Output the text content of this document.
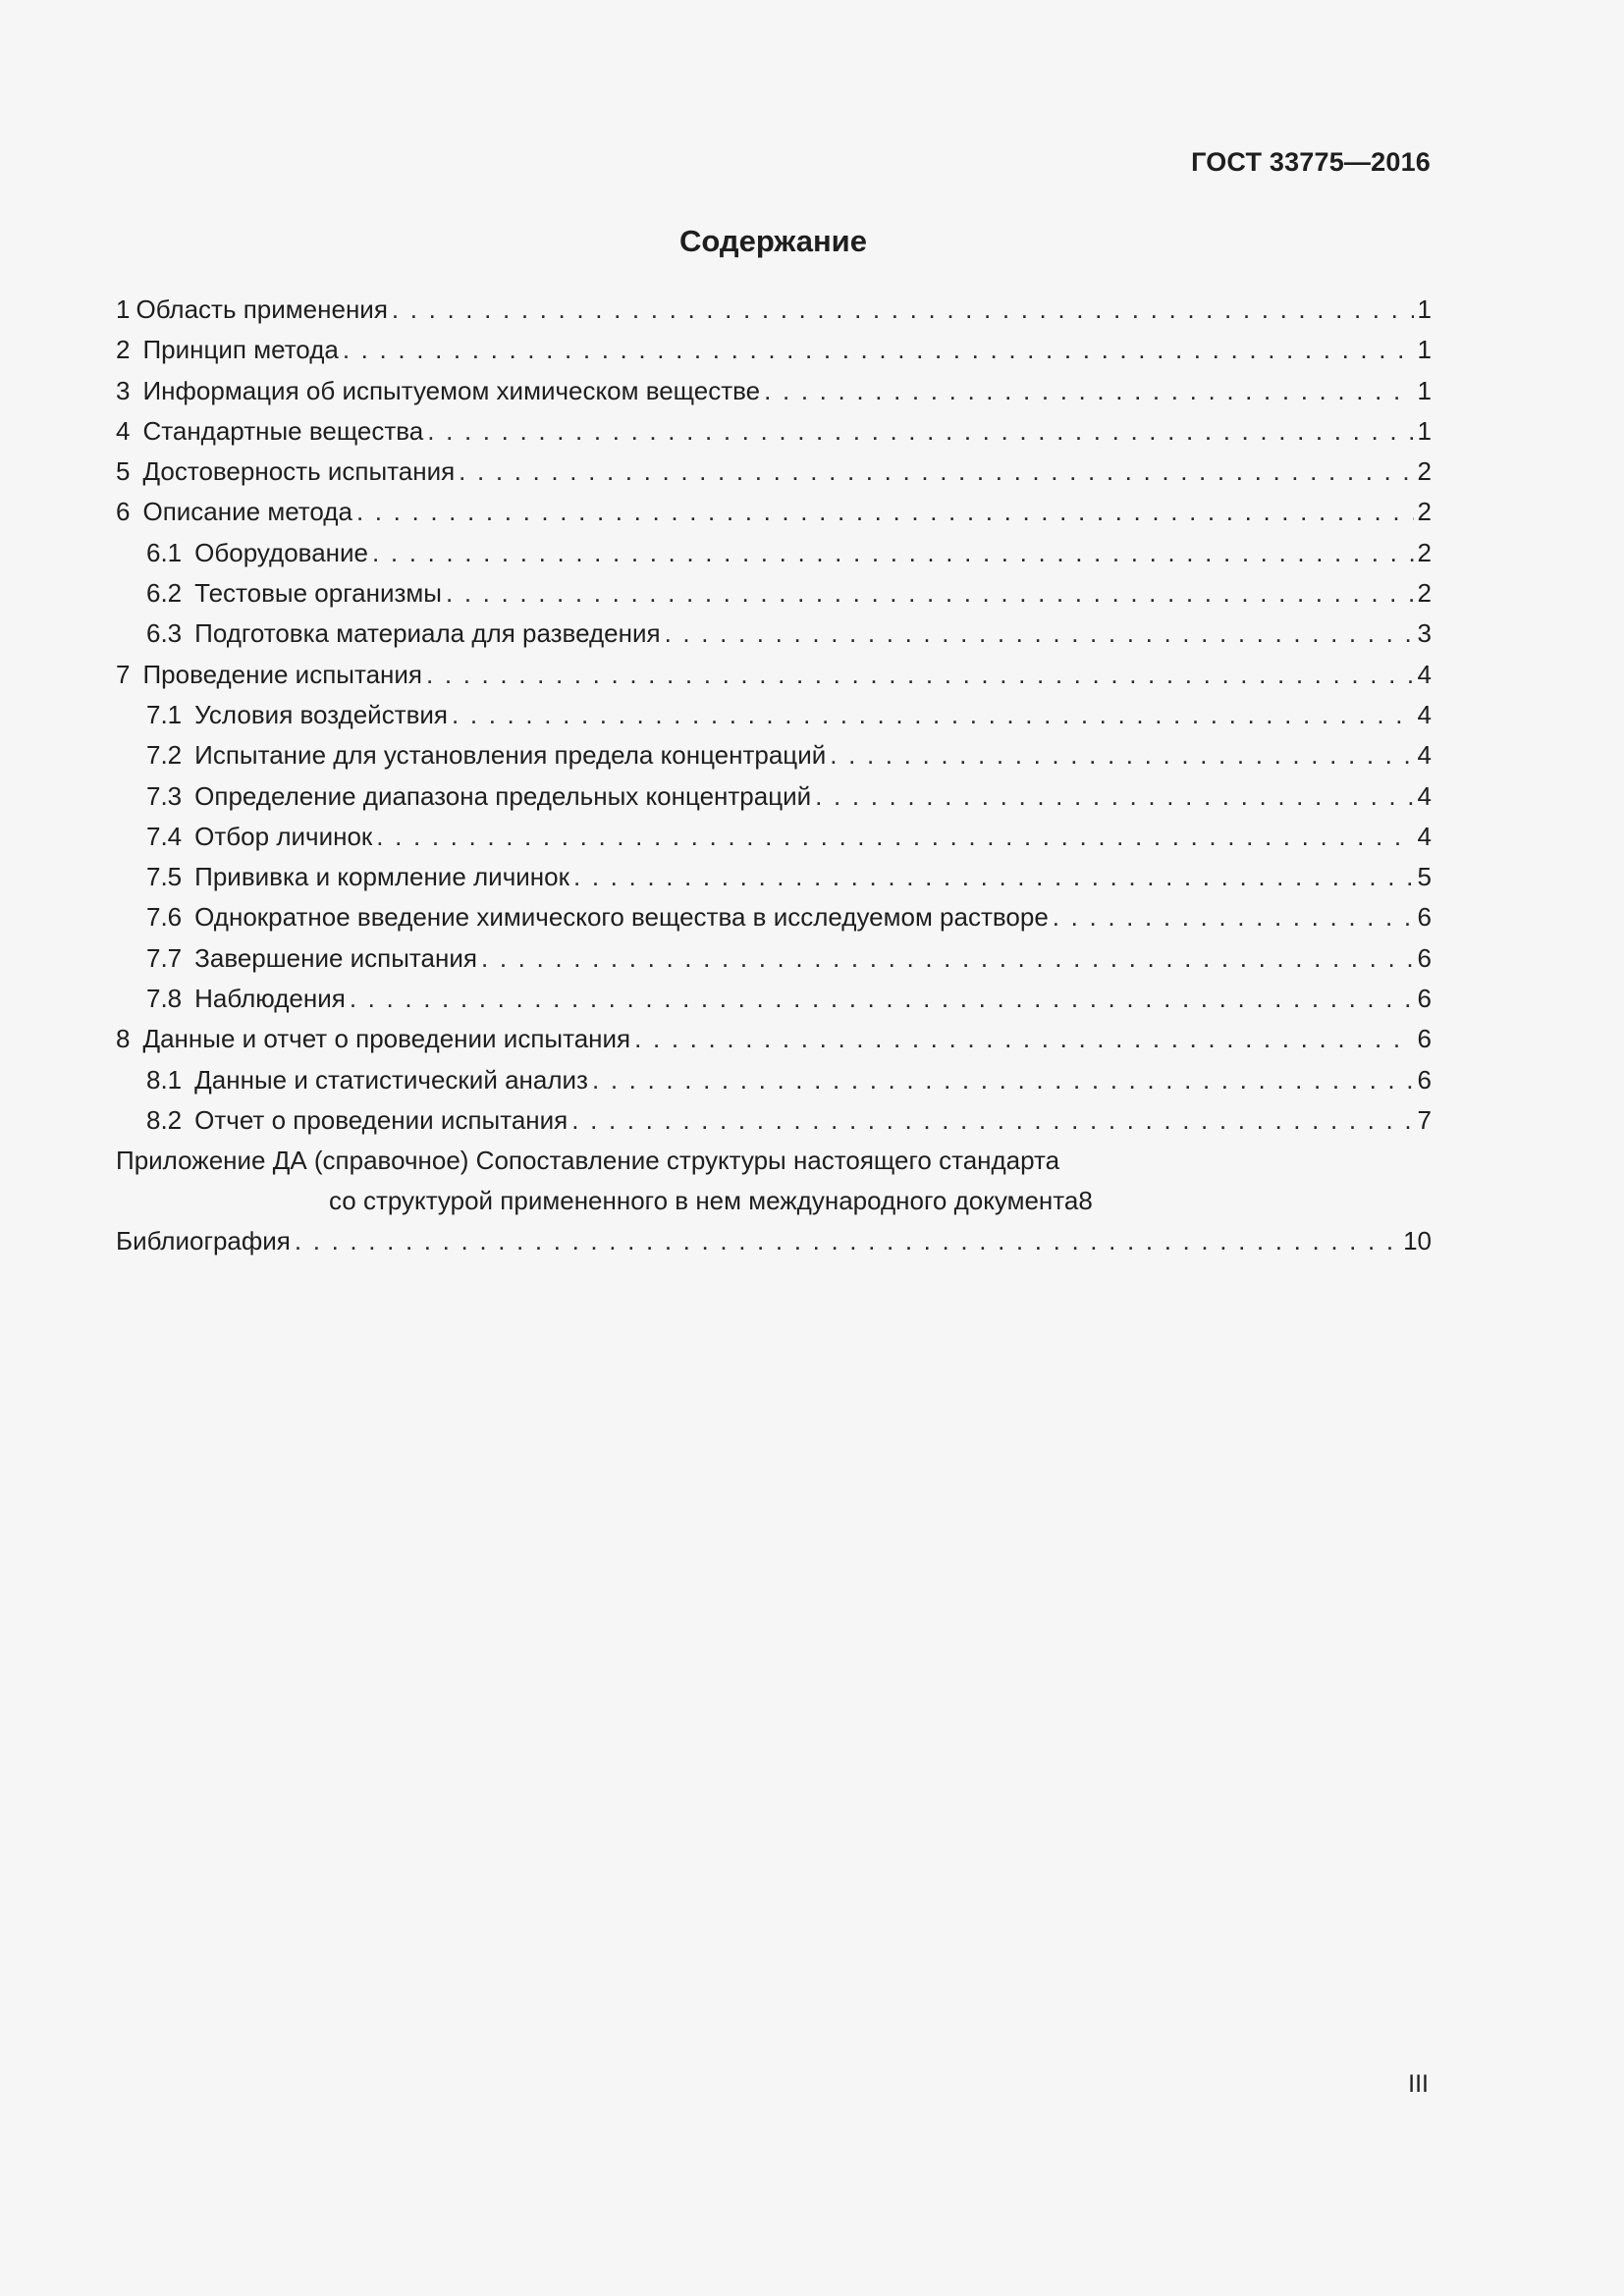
ГОСТ 33775—2016
Содержание
1 Область применения . . .	1
2 Принцип метода . . .	1
3 Информация об испытуемом химическом веществе . . .	1
4 Стандартные вещества . . .	1
5 Достоверность испытания . . .	2
6 Описание метода . . .	2
6.1 Оборудование . . .	2
6.2 Тестовые организмы . . .	2
6.3 Подготовка материала для разведения . . .	3
7 Проведение испытания . . .	4
7.1 Условия воздействия . . .	4
7.2 Испытание для установления предела концентраций . . .	4
7.3 Определение диапазона предельных концентраций . . .	4
7.4 Отбор личинок . . .	4
7.5 Прививка и кормление личинок . . .	5
7.6 Однократное введение химического вещества в исследуемом растворе . . .	6
7.7 Завершение испытания . . .	6
7.8 Наблюдения . . .	6
8 Данные и отчет о проведении испытания . . .	6
8.1 Данные и статистический анализ . . .	6
8.2 Отчет о проведении испытания . . .	7
Приложение ДА (справочное) Сопоставление структуры настоящего стандарта
со структурой примененного в нем международного документа 8
Библиография . . .	10
III
